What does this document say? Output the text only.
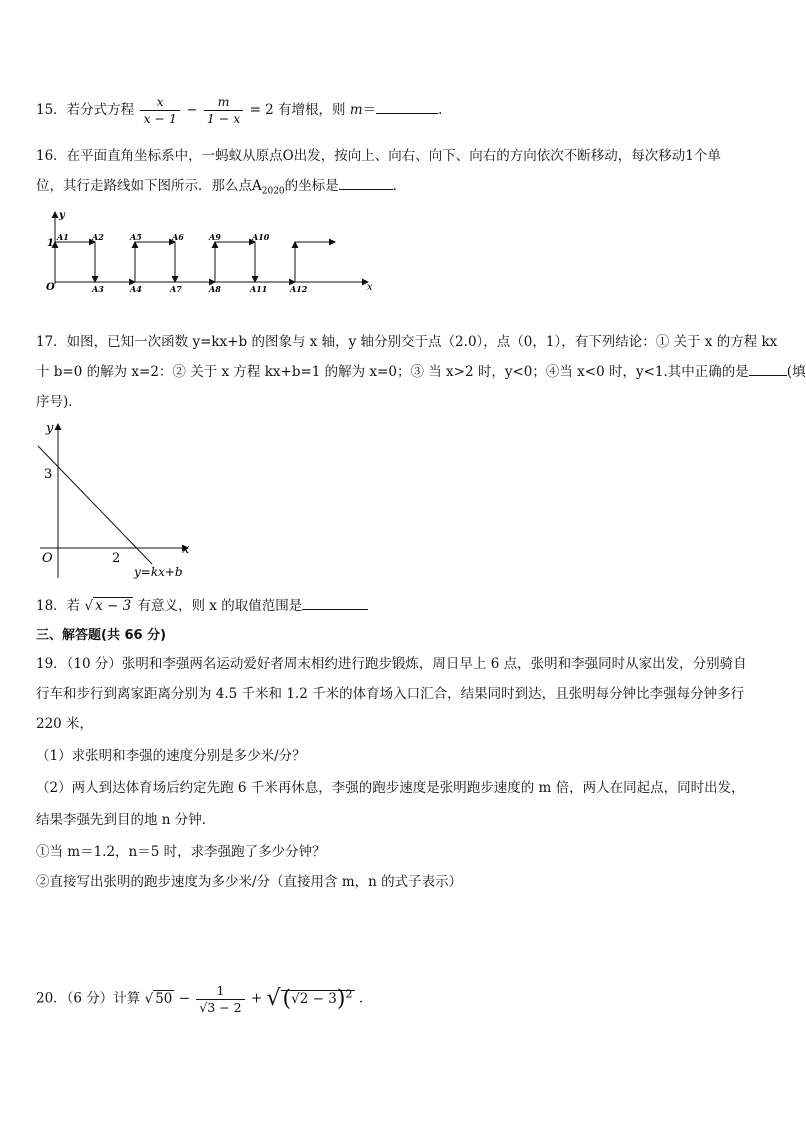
15．若分式方程 $\frac{x}{x - 1} - \frac{m}{1 - x} = 2$ 有增根，则 m＝	.
16．在平面直角坐标系中，一蚂蚁从原点O出发，按向上、向右、向下、向右的方向依次不断移动，每次移动1个单
位，其行走路线如下图所示．那么点$A_{2020}$的坐标是	．
y
x
O
1
A1	A2	A5	A6	A9	A10
A3	A4	A7	A8	A11	A12
17．如图，已知一次函数 y=kx+b 的图象与 x 轴，y 轴分别交于点（2.0），点（0，1），有下列结论：① 关于 x 的方程 kx
十 b=0 的解为 x=2：② 关于 x 方程 kx+b=1 的解为 x=0；③ 当 x>2 时，y<0；④当 x<0 时，y<1.其中正确的是	(填
序号)．
y
x
O
3
2
y=kx+b
18．若 √ x − 3 有意义，则 x 的取值范围是
三、解答题(共 66 分)
19．（10 分）张明和李强两名运动爱好者周末相约进行跑步锻炼，周日早上 6 点，张明和李强同时从家出发，分别骑自
行车和步行到离家距离分别为 4.5 千米和 1.2 千米的体育场入口汇合，结果同时到达，且张明每分钟比李强每分钟多行
220 米，
（1）求张明和李强的速度分别是多少米/分？
（2）两人到达体育场后约定先跑 6 千米再休息，李强的跑步速度是张明跑步速度的 m 倍，两人在同起点，同时出发，
结果李强先到目的地 n 分钟．
①当 m＝1.2，n＝5 时，求李强跑了多少分钟？
②直接写出张明的跑步速度为多少米/分（直接用含 m，n 的式子表示）
20．（6 分）计算 √ $50 - \frac{1}{√3 - 2} + √(√2 - 3)^2$ .
